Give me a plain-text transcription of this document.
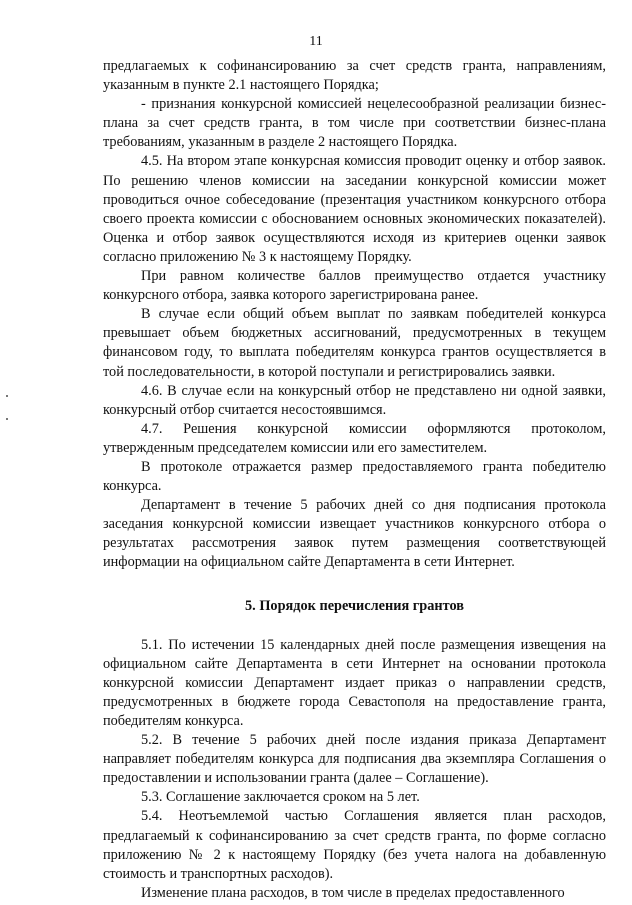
11

предлагаемых к софинансированию за счет средств гранта, направлениям, указанным в пункте 2.1 настоящего Порядка;

- признания конкурсной комиссией нецелесообразной реализации бизнес-плана за счет средств гранта, в том числе при соответствии бизнес-плана требованиям, указанным в разделе 2 настоящего Порядка.

4.5. На втором этапе конкурсная комиссия проводит оценку и отбор заявок. По решению членов комиссии на заседании конкурсной комиссии может проводиться очное собеседование (презентация участником конкурсного отбора своего проекта комиссии с обоснованием основных экономических показателей). Оценка и отбор заявок осуществляются исходя из критериев оценки заявок согласно приложению № 3 к настоящему Порядку.

При равном количестве баллов преимущество отдается участнику конкурсного отбора, заявка которого зарегистрирована ранее.

В случае если общий объем выплат по заявкам победителей конкурса превышает объем бюджетных ассигнований, предусмотренных в текущем финансовом году, то выплата победителям конкурса грантов осуществляется в той последовательности, в которой поступали и регистрировались заявки.

4.6. В случае если на конкурсный отбор не представлено ни одной заявки, конкурсный отбор считается несостоявшимся.

4.7. Решения конкурсной комиссии оформляются протоколом, утвержденным председателем комиссии или его заместителем.

В протоколе отражается размер предоставляемого гранта победителю конкурса.

Департамент в течение 5 рабочих дней со дня подписания протокола заседания конкурсной комиссии извещает участников конкурсного отбора о результатах рассмотрения заявок путем размещения соответствующей информации на официальном сайте Департамента в сети Интернет.

5. Порядок перечисления грантов

5.1. По истечении 15 календарных дней после размещения извещения на официальном сайте Департамента в сети Интернет на основании протокола конкурсной комиссии Департамент издает приказ о направлении средств, предусмотренных в бюджете города Севастополя на предоставление гранта, победителям конкурса.

5.2. В течение 5 рабочих дней после издания приказа Департамент направляет победителям конкурса для подписания два экземпляра Соглашения о предоставлении и использовании гранта (далее – Соглашение).

5.3. Соглашение заключается сроком на 5 лет.

5.4. Неотъемлемой частью Соглашения является план расходов, предлагаемый к софинансированию за счет средств гранта, по форме согласно приложению № 2 к настоящему Порядку (без учета налога на добавленную стоимость и транспортных расходов).

Изменение плана расходов, в том числе в пределах предоставленного
